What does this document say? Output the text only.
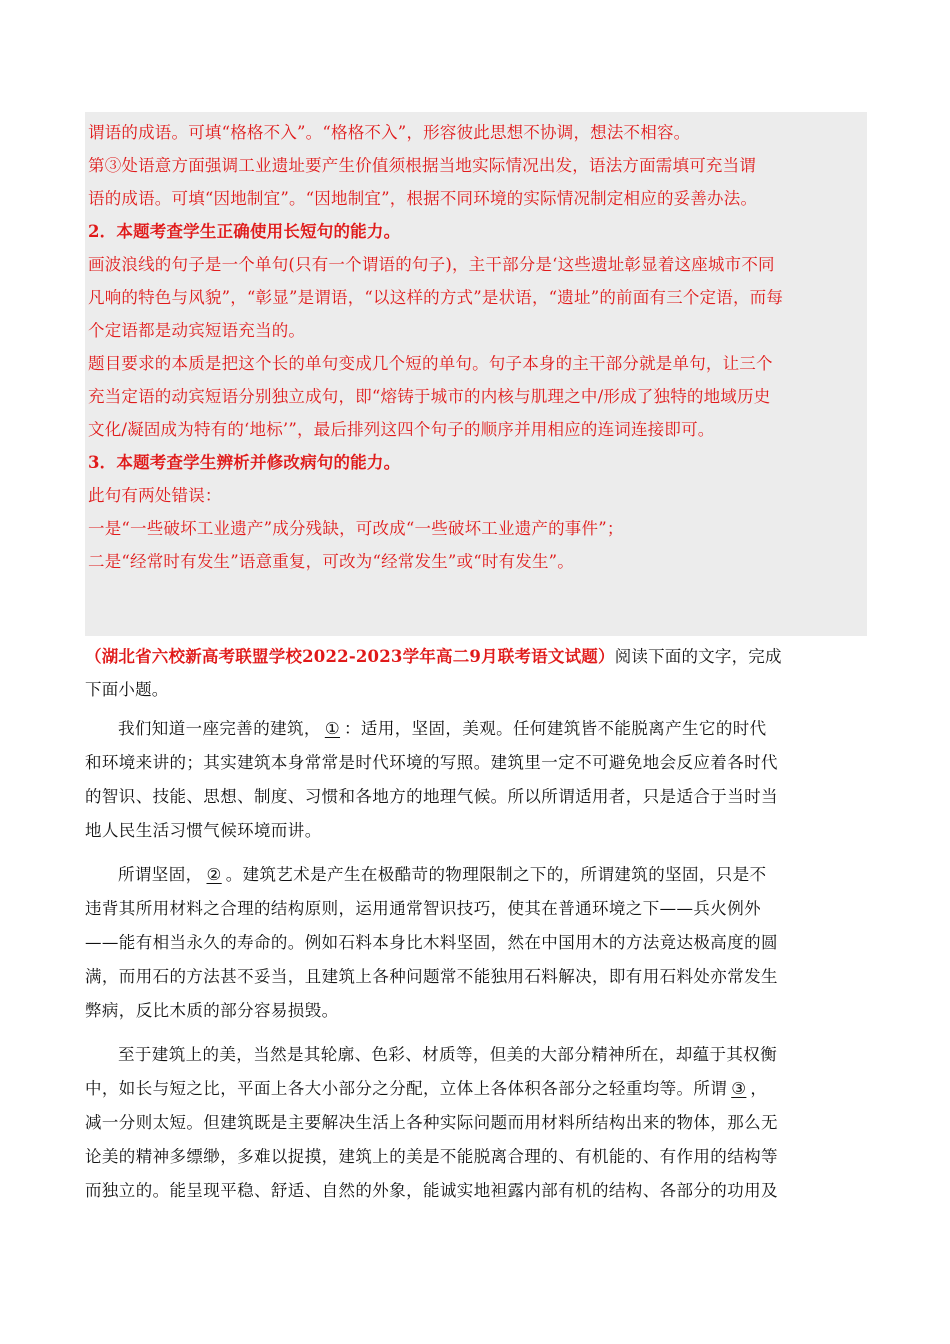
谓语的成语。可填“格格不入”。“格格不入”，形容彼此思想不协调，想法不相容。
第③处语意方面强调工业遗址要产生价值须根据当地实际情况出发，语法方面需填可充当谓
语的成语。可填“因地制宜”。“因地制宜”，根据不同环境的实际情况制定相应的妥善办法。
2．本题考查学生正确使用长短句的能力。
画波浪线的句子是一个单句(只有一个谓语的句子)，主干部分是‘这些遗址彰显着这座城市不同
凡响的特色与风貌”，“彰显”是谓语，“以这样的方式”是状语，“遗址”的前面有三个定语，而每
个定语都是动宾短语充当的。
题目要求的本质是把这个长的单句变成几个短的单句。句子本身的主干部分就是单句，让三个
充当定语的动宾短语分别独立成句，即“熔铸于城市的内核与肌理之中/形成了独特的地域历史
文化/凝固成为特有的‘地标’”，最后排列这四个句子的顺序并用相应的连词连接即可。
3．本题考查学生辨析并修改病句的能力。
此句有两处错误：
一是“一些破坏工业遗产”成分残缺，可改成“一些破坏工业遗产的事件”；
二是“经常时有发生”语意重复，可改为“经常发生”或“时有发生”。
（湖北省六校新高考联盟学校2022-2023学年高二9月联考语文试题）阅读下面的文字，完成
下面小题。
我们知道一座完善的建筑， ① ：适用，坚固，美观。任何建筑皆不能脱离产生它的时代
和环境来讲的；其实建筑本身常常是时代环境的写照。建筑里一定不可避免地会反应着各时代
的智识、技能、思想、制度、习惯和各地方的地理气候。所以所谓适用者，只是适合于当时当
地人民生活习惯气候环境而讲。
所谓坚固， ② 。建筑艺术是产生在极酷苛的物理限制之下的，所谓建筑的坚固，只是不
违背其所用材料之合理的结构原则，运用通常智识技巧，使其在普通环境之下——兵火例外
——能有相当永久的寿命的。例如石料本身比木料坚固，然在中国用木的方法竟达极高度的圆
满，而用石的方法甚不妥当，且建筑上各种问题常不能独用石料解决，即有用石料处亦常发生
弊病，反比木质的部分容易损毁。
至于建筑上的美，当然是其轮廓、色彩、材质等，但美的大部分精神所在，却蕴于其权衡
中，如长与短之比，平面上各大小部分之分配，立体上各体积各部分之轻重均等。所谓 ③ ，
减一分则太短。但建筑既是主要解决生活上各种实际问题而用材料所结构出来的物体，那么无
论美的精神多缥缈，多难以捉摸，建筑上的美是不能脱离合理的、有机能的、有作用的结构等
而独立的。能呈现平稳、舒适、自然的外象，能诚实地袒露内部有机的结构、各部分的功用及
